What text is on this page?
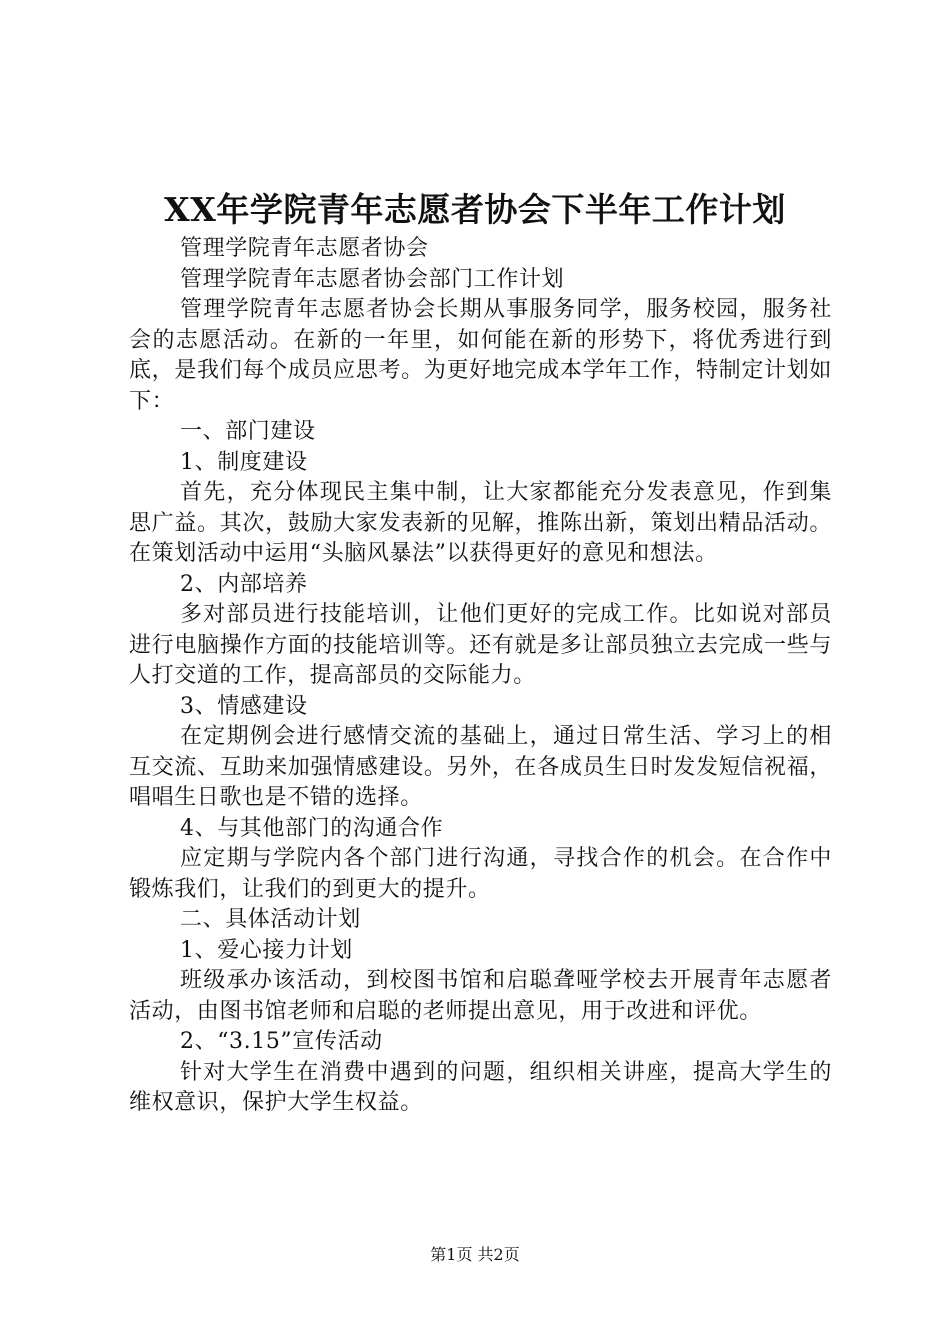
XX年学院青年志愿者协会下半年工作计划

管理学院青年志愿者协会

管理学院青年志愿者协会部门工作计划

管理学院青年志愿者协会长期从事服务同学，服务校园，服务社会的志愿活动。在新的一年里，如何能在新的形势下，将优秀进行到底，是我们每个成员应思考。为更好地完成本学年工作，特制定计划如下：

一、部门建设

1、制度建设

首先，充分体现民主集中制，让大家都能充分发表意见，作到集思广益。其次，鼓励大家发表新的见解，推陈出新，策划出精品活动。在策划活动中运用“头脑风暴法”以获得更好的意见和想法。

2、内部培养

多对部员进行技能培训，让他们更好的完成工作。比如说对部员进行电脑操作方面的技能培训等。还有就是多让部员独立去完成一些与人打交道的工作，提高部员的交际能力。

3、情感建设

在定期例会进行感情交流的基础上，通过日常生活、学习上的相互交流、互助来加强情感建设。另外，在各成员生日时发发短信祝福，唱唱生日歌也是不错的选择。

4、与其他部门的沟通合作

应定期与学院内各个部门进行沟通，寻找合作的机会。在合作中锻炼我们，让我们的到更大的提升。

二、具体活动计划

1、爱心接力计划

班级承办该活动，到校图书馆和启聪聋哑学校去开展青年志愿者活动，由图书馆老师和启聪的老师提出意见，用于改进和评优。

2、“3.15”宣传活动

针对大学生在消费中遇到的问题，组织相关讲座，提高大学生的维权意识，保护大学生权益。

第1页 共2页
